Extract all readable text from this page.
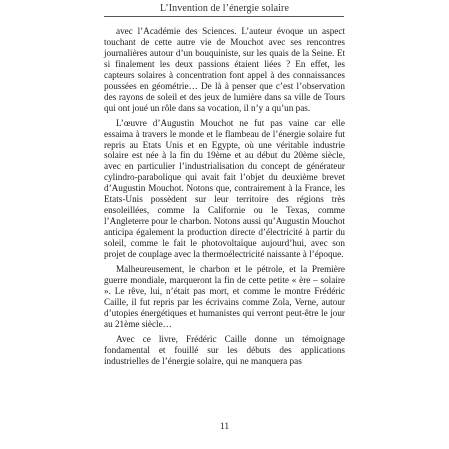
L’Invention de l’énergie solaire

avec l’Académie des Sciences. L’auteur évoque un aspect touchant de cette autre vie de Mouchot avec ses rencontres journalières autour d’un bouquiniste, sur les quais de la Seine. Et si finalement les deux passions étaient liées ? En effet, les capteurs solaires à concentration font appel à des connaissances poussées en géométrie… De là à penser que c’est l’observation des rayons de soleil et des jeux de lumière dans sa ville de Tours qui ont joué un rôle dans sa vocation, il n’y a qu’un pas.

L’œuvre d’Augustin Mouchot ne fut pas vaine car elle essaima à travers le monde et le flambeau de l’énergie solaire fut repris au Etats Unis et en Egypte, où une véritable industrie solaire est née à la fin du 19ème et au début du 20ème siècle, avec en particulier l’industrialisation du concept de générateur cylindro-parabolique qui avait fait l’objet du deuxième brevet d’Augustin Mouchot. Notons que, contrairement à la France, les Etats-Unis possèdent sur leur territoire des régions très ensoleillées, comme la Californie ou le Texas, comme l’Angleterre pour le charbon. Notons aussi qu’Augustin Mouchot anticipa également la production directe d’électricité à partir du soleil, comme le fait le photovoltaïque aujourd’hui, avec son projet de couplage avec la thermoélectricité naissante à l’époque.

Malheureusement, le charbon et le pétrole, et la Première guerre mondiale, marqueront la fin de cette petite « ère – solaire ». Le rêve, lui, n’était pas mort, et comme le montre Frédéric Caille, il fut repris par les écrivains comme Zola, Verne, autour d’utopies énergétiques et humanistes qui verront peut-être le jour au 21ème siècle…

Avec ce livre, Frédéric Caille donne un témoignage fondamental et fouillé sur les débuts des applications industrielles de l’énergie solaire, qui ne manquera pas

11
